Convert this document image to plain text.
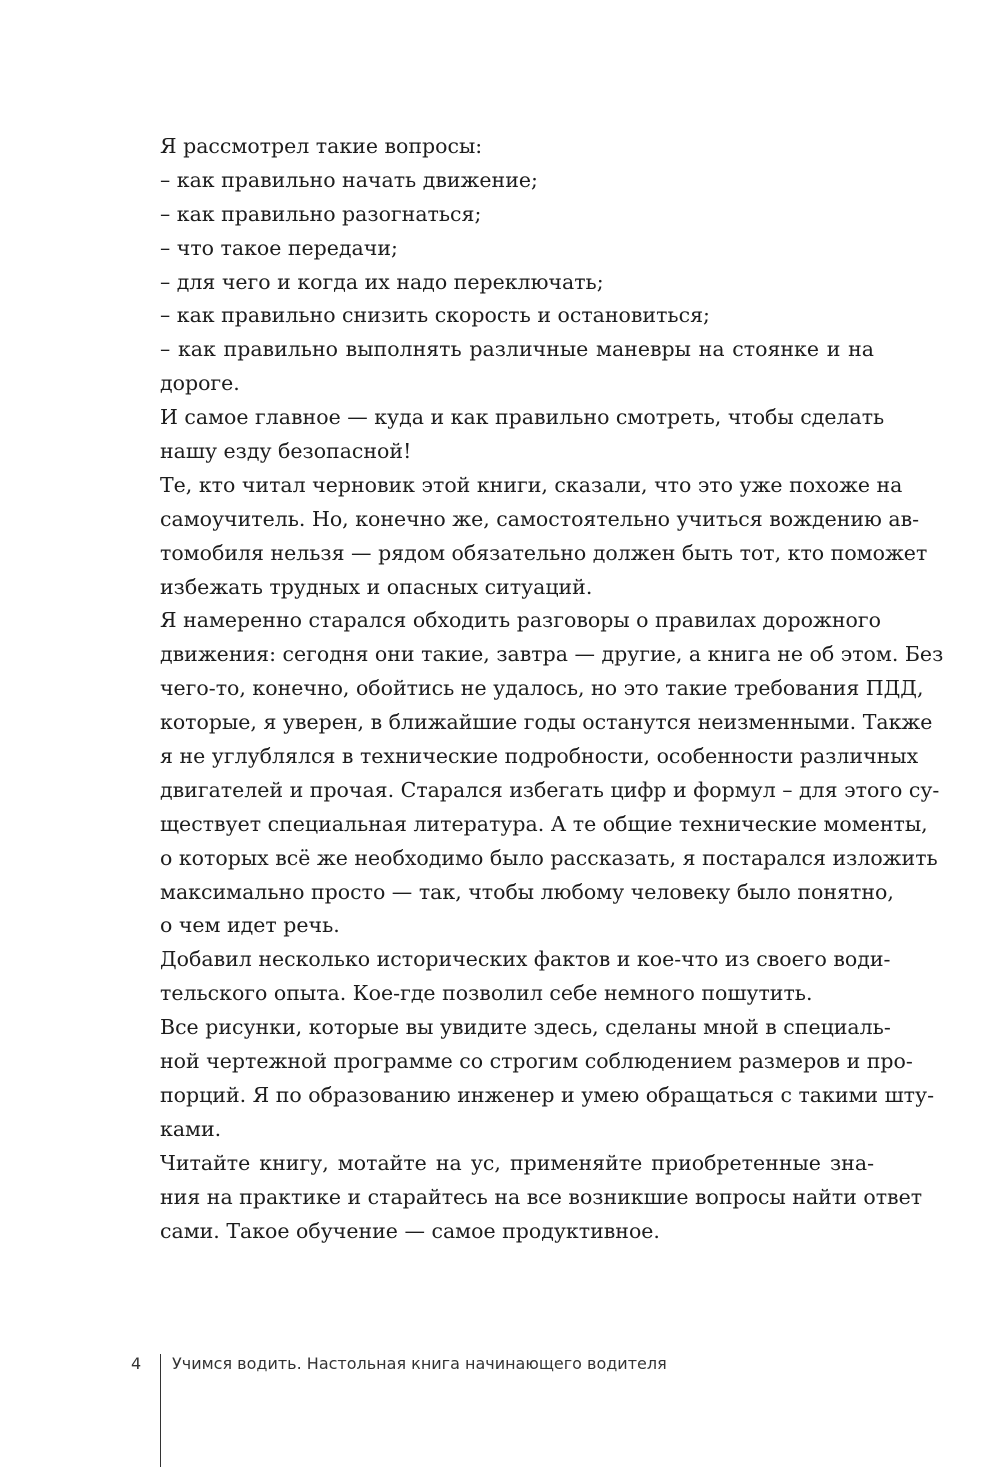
Я рассмотрел такие вопросы:
– как правильно начать движение;
– как правильно разогнаться;
– что такое передачи;
– для чего и когда их надо переключать;
– как правильно снизить скорость и остановиться;
– как правильно выполнять различные маневры на стоянке и на
дороге.
И самое главное — куда и как правильно смотреть, чтобы сделать
нашу езду безопасной!
Те, кто читал черновик этой книги, сказали, что это уже похоже на
самоучитель. Но, конечно же, самостоятельно учиться вождению ав-
томобиля нельзя — рядом обязательно должен быть тот, кто поможет
избежать трудных и опасных ситуаций.
Я намеренно старался обходить разговоры о правилах дорожного
движения: сегодня они такие, завтра — другие, а книга не об этом. Без
чего-то, конечно, обойтись не удалось, но это такие требования ПДД,
которые, я уверен, в ближайшие годы останутся неизменными. Также
я не углублялся в технические подробности, особенности различных
двигателей и прочая. Старался избегать цифр и формул – для этого су-
ществует специальная литература. А те общие технические моменты,
о которых всё же необходимо было рассказать, я постарался изложить
максимально просто — так, чтобы любому человеку было понятно,
о чем идет речь.
Добавил несколько исторических фактов и кое-что из своего води-
тельского опыта. Кое-где позволил себе немного пошутить.
Все рисунки, которые вы увидите здесь, сделаны мной в специаль-
ной чертежной программе со строгим соблюдением размеров и про-
порций. Я по образованию инженер и умею обращаться с такими шту-
ками.
Читайте книгу, мотайте на ус, применяйте приобретенные зна-
ния на практике и старайтесь на все возникшие вопросы найти ответ
сами. Такое обучение — самое продуктивное.
4 Учимся водить. Настольная книга начинающего водителя
